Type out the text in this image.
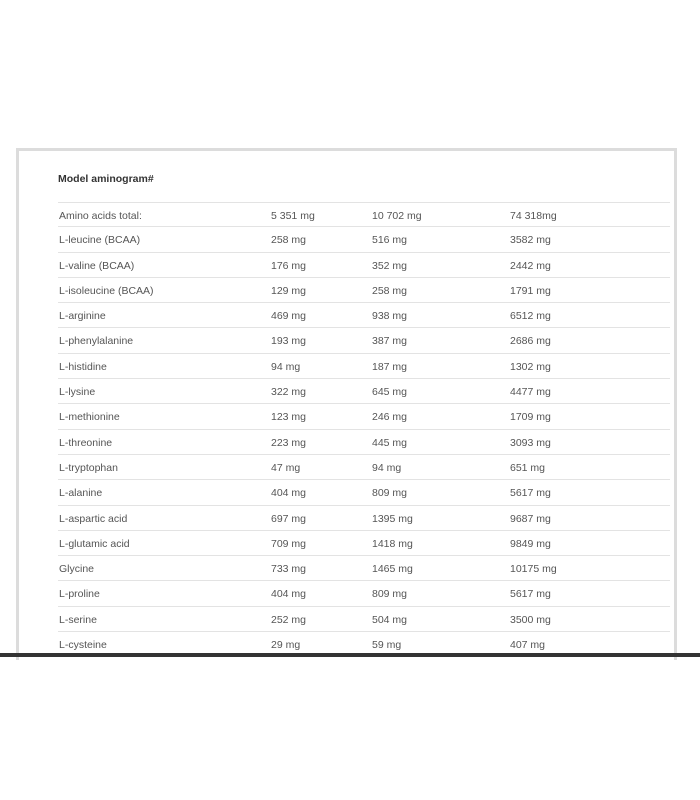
Model aminogram#
Amino acids total:	5 351 mg	10 702 mg	74 318mg
L-leucine (BCAA)	258 mg	516 mg	3582 mg
L-valine (BCAA)	176 mg	352 mg	2442 mg
L-isoleucine (BCAA)	129 mg	258 mg	1791 mg
L-arginine	469 mg	938 mg	6512 mg
L-phenylalanine	193 mg	387 mg	2686 mg
L-histidine	94 mg	187 mg	1302 mg
L-lysine	322 mg	645 mg	4477 mg
L-methionine	123 mg	246 mg	1709 mg
L-threonine	223 mg	445 mg	3093 mg
L-tryptophan	47 mg	94 mg	651 mg
L-alanine	404 mg	809 mg	5617 mg
L-aspartic acid	697 mg	1395 mg	9687 mg
L-glutamic acid	709 mg	1418 mg	9849 mg
Glycine	733 mg	1465 mg	10175 mg
L-proline	404 mg	809 mg	5617 mg
L-serine	252 mg	504 mg	3500 mg
L-cysteine	29 mg	59 mg	407 mg
